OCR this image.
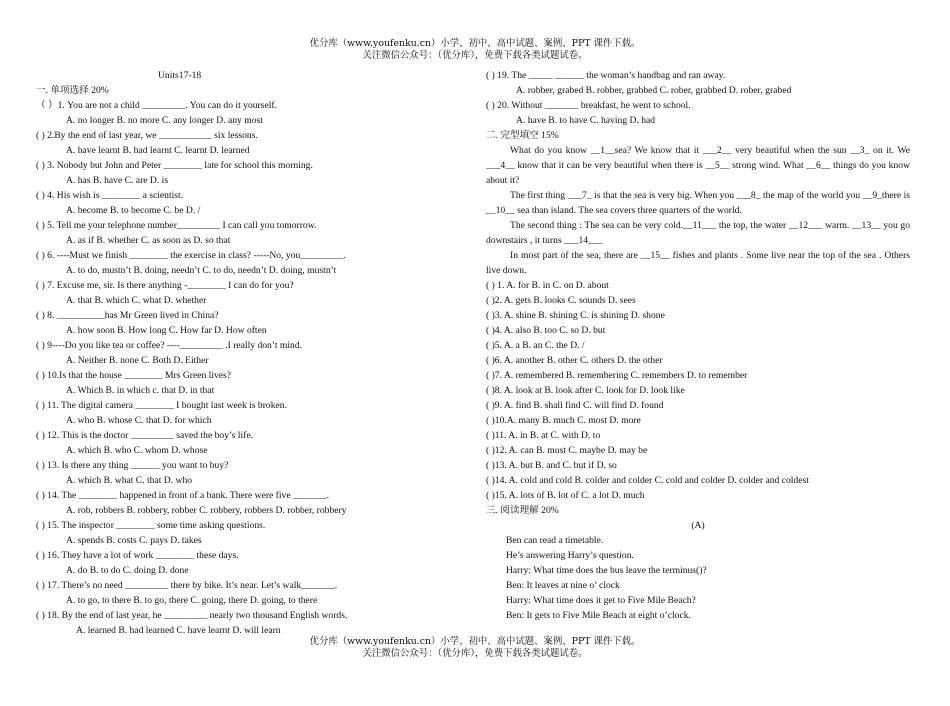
优分库（www.youfenku.cn）小学、初中、高中试题、案例、PPT 课件下载。
关注微信公众号：（优分库），免费下载各类试题试卷。
Units17-18
一. 单项选择 20%
（ ）1. You are not a child _________. You can do it yourself.
A. no longer B. no more C. any longer D. any most
( ) 2.By the end of last year, we ___________ six lessons.
A. have learnt B. had learnt C. learnt D. learned
( ) 3. Nobody but John and Peter ________ late for school this morning.
A. has B. have C. are D. is
( ) 4. His wish is ________ a scientist.
A. become B. to become C. be D. /
( ) 5. Tell me your telephone number_________ I can call you tomorrow.
A. as if B. whether C. as soon as D. so that
( ) 6. ----Must we finish ________ the exercise in class? -----No, you_________.
A. to do, mustn’t B. doing, needn’t C. to do, needn’t D. doing, mustn’t
( ) 7. Excuse me, sir. Is there anything -________ I can do for you?
A. that B. which C. what D. whether
( ) 8. __________has Mr Green lived in China?
A. how soon B. How long C. How far D. How often
( ) 9----Do you like tea or coffee? ----_________ .I really don’t mind.
A. Neither B. none C. Both D. Either
( ) 10.Is that the house ________ Mrs Green lives?
A. Which B. in which c. that D. in that
( ) 11. The digital camera ________ I bought last week is broken.
A. who B. whose C. that D. for which
( ) 12. This is the doctor _________ saved the boy’s life.
A. which B. who C. whom D. whose
( ) 13. Is there any thing ______ you want to buy?
A. which B. what C. that D. who
( ) 14. The ________ happened in front of a bank. There were five _______.
A. rob, robbers B. robbery, robber C. robbery, robbers D. robber, robbery
( ) 15. The inspector ________ some time asking questions.
A. spends B. costs C. pays D. takes
( ) 16. They have a lot of work ________ these days.
A. do B. to do C. doing D. done
( ) 17. There’s no need _________ there by bike. It’s near. Let’s walk_______.
A. to go, to there B. to go, there C. going, there D. going, to there
( ) 18. By the end of last year, he _________ nearly two thousand English words.
A. learned B. had learned C. have learnt D. will learn
( ) 19. The _____ ______ the woman’s handbag and ran away.
A. robber, grabed B. robber, grabbed C. rober, grabbed D. rober, grabed
( ) 20. Without _______ breakfast, he went to school.
A. have B. to have C. having D. had
二. 完型填空 15%
What do you know __1__sea? We know that it ___2__ very beautiful when the sun __3_ on it. We ___4__ know that it can be very beautiful when there is __5__ strong wind. What __6__ things do you know about it?
The first thing ___7_ is that the sea is very big. When you ___8_ the map of the world you __9_there is __10__ sea than island. The sea covers three quarters of the world.
The second thing : The sea can be very cold.__11___ the top, the water __12___ warm. __13__ you go downstairs , it turns ___14___
In most part of the sea, there are __15__ fishes and plants . Some live near the top of the sea . Others live down.
( ) 1. A. for B. in C. on D. about
( )2. A. gets B. looks C. sounds D. sees
( )3. A. shine B. shining C. is shining D. shone
( )4. A. also B. too C. so D. but
( )5. A. a B. an C. the D. /
( )6. A. another B. other C. others D. the other
( )7. A. remembered B. remembering C. remembers D. to remember
( )8. A. look at B. look after C. look for D. look like
( )9. A. find B. shall find C. will find D. found
( )10.A. many B. much C. most D. more
( )11. A. in B. at C. with D. to
( )12. A. can B. must C. maybe D. may be
( )13. A. but B. and C. but if D. so
( )14. A. cold and cold B. colder and colder C. cold and colder D. colder and coldest
( )15. A. lots of B. lot of C. a lot D. much
三. 阅读理解 20%
(A)
Ben can read a timetable.
He’s answering Harry’s question.
Harry: What time does the bus leave the terminus()?
Ben: It leaves at nine o’ clock
Harry: What time does it get to Five Mile Beach?
Ben: It gets to Five Mile Beach at eight o’clock.
优分库（www.youfenku.cn）小学、初中、高中试题、案例、PPT 课件下载。
关注微信公众号：（优分库），免费下载各类试题试卷。
